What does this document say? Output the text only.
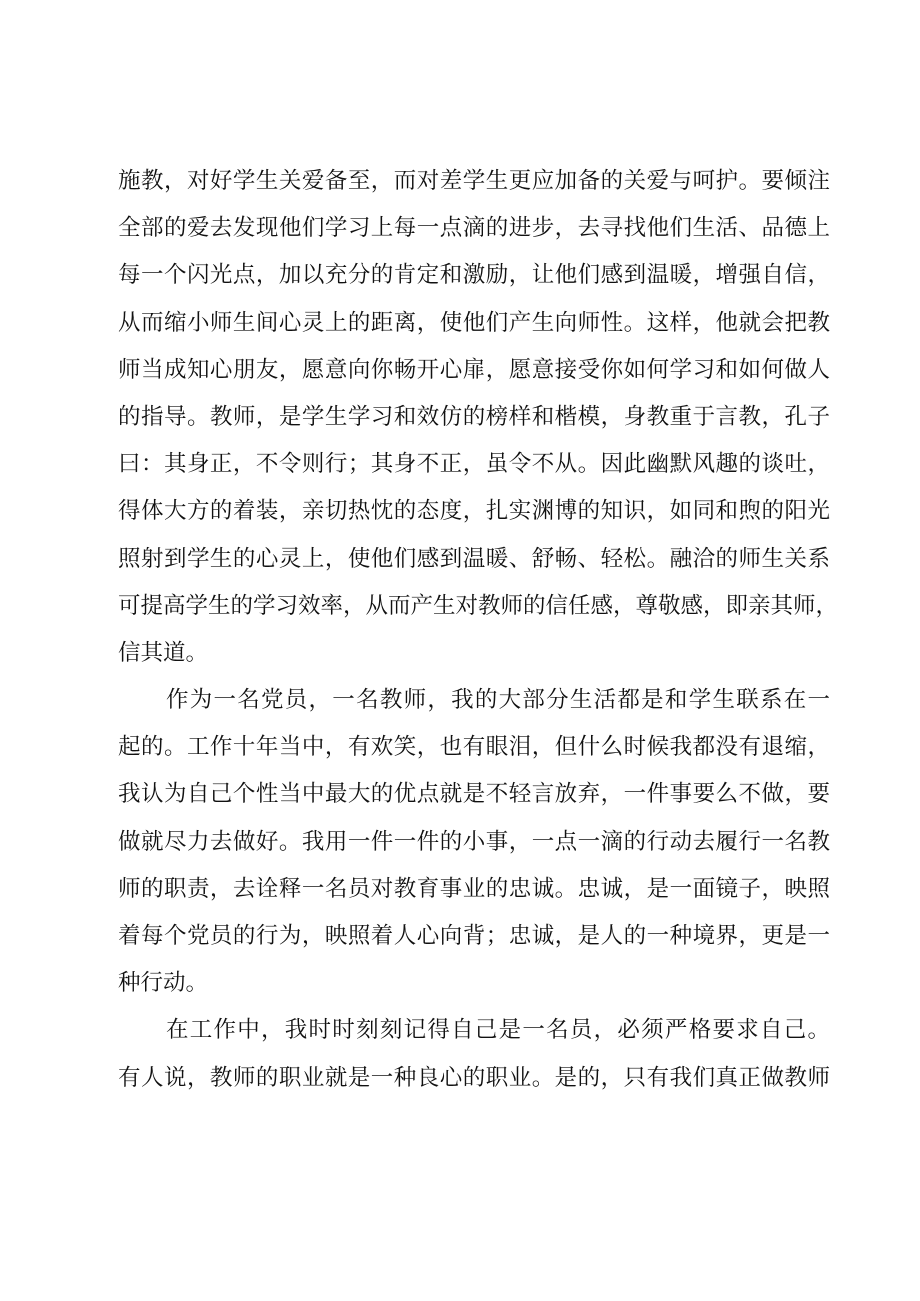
施教，对好学生关爱备至，而对差学生更应加备的关爱与呵护。要倾注
全部的爱去发现他们学习上每一点滴的进步，去寻找他们生活、品德上
每一个闪光点，加以充分的肯定和激励，让他们感到温暖，增强自信，
从而缩小师生间心灵上的距离，使他们产生向师性。这样，他就会把教
师当成知心朋友，愿意向你畅开心扉，愿意接受你如何学习和如何做人
的指导。教师，是学生学习和效仿的榜样和楷模，身教重于言教，孔子
曰：其身正，不令则行；其身不正，虽令不从。因此幽默风趣的谈吐，
得体大方的着装，亲切热忱的态度，扎实渊博的知识，如同和煦的阳光
照射到学生的心灵上，使他们感到温暖、舒畅、轻松。融洽的师生关系
可提高学生的学习效率，从而产生对教师的信任感，尊敬感，即亲其师，
信其道。
作为一名党员，一名教师，我的大部分生活都是和学生联系在一
起的。工作十年当中，有欢笑，也有眼泪，但什么时候我都没有退缩，
我认为自己个性当中最大的优点就是不轻言放弃，一件事要么不做，要
做就尽力去做好。我用一件一件的小事，一点一滴的行动去履行一名教
师的职责，去诠释一名员对教育事业的忠诚。忠诚，是一面镜子，映照
着每个党员的行为，映照着人心向背；忠诚，是人的一种境界，更是一
种行动。
在工作中，我时时刻刻记得自己是一名员，必须严格要求自己。
有人说，教师的职业就是一种良心的职业。是的，只有我们真正做教师
